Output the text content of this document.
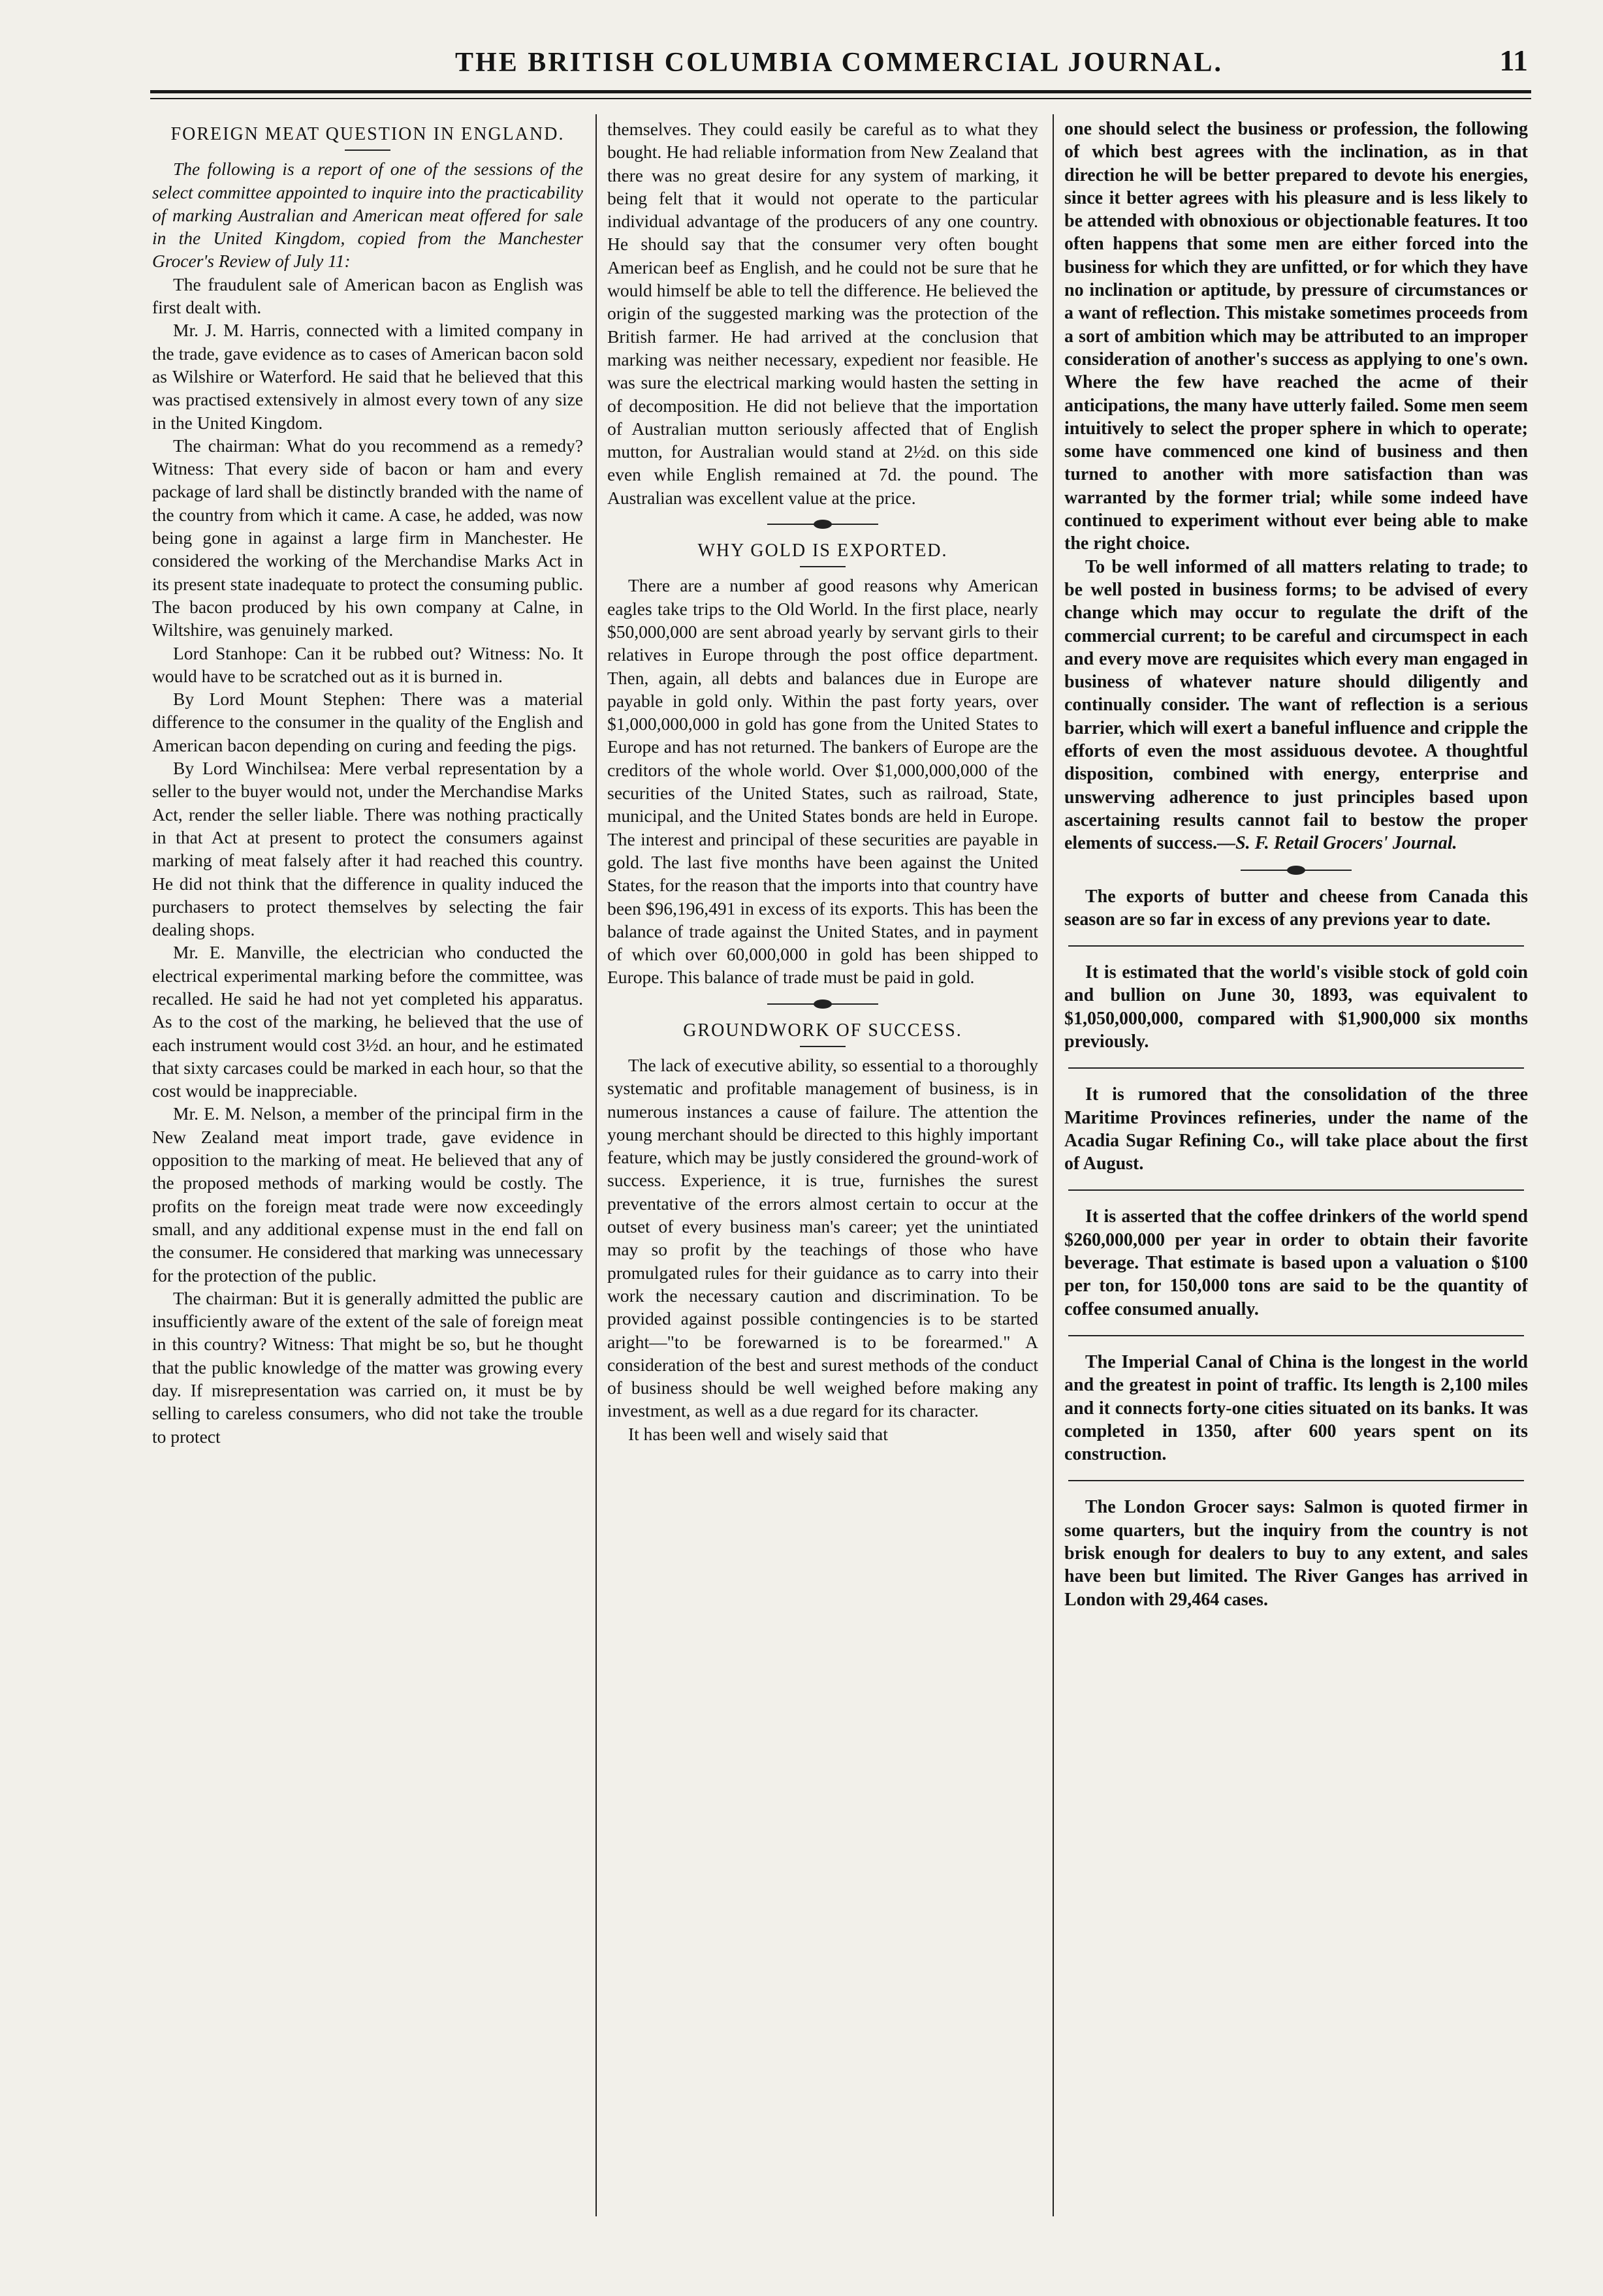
THE BRITISH COLUMBIA COMMERCIAL JOURNAL.	11
FOREIGN MEAT QUESTION IN ENGLAND.

The following is a report of one of the sessions of the select committee appointed to inquire into the practicability of marking Australian and American meat offered for sale in the United Kingdom, copied from the Manchester Grocer's Review of July 11:

The fraudulent sale of American bacon as English was first dealt with.

Mr. J. M. Harris, connected with a limited company in the trade, gave evidence as to cases of American bacon sold as Wilshire or Waterford. He said that he believed that this was practised extensively in almost every town of any size in the United Kingdom.

The chairman: What do you recommend as a remedy? Witness: That every side of bacon or ham and every package of lard shall be distinctly branded with the name of the country from which it came. A case, he added, was now being gone in against a large firm in Manchester. He considered the working of the Merchandise Marks Act in its present state inadequate to protect the consuming public. The bacon produced by his own company at Calne, in Wiltshire, was genuinely marked.

Lord Stanhope: Can it be rubbed out? Witness: No. It would have to be scratched out as it is burned in.

By Lord Mount Stephen: There was a material difference to the consumer in the quality of the English and American bacon depending on curing and feeding the pigs.

By Lord Winchilsea: Mere verbal representation by a seller to the buyer would not, under the Merchandise Marks Act, render the seller liable. There was nothing practically in that Act at present to protect the consumers against marking of meat falsely after it had reached this country. He did not think that the difference in quality induced the purchasers to protect themselves by selecting the fair dealing shops.

Mr. E. Manville, the electrician who conducted the electrical experimental marking before the committee, was recalled. He said he had not yet completed his apparatus. As to the cost of the marking, he believed that the use of each instrument would cost 3½d. an hour, and he estimated that sixty carcases could be marked in each hour, so that the cost would be inappreciable.

Mr. E. M. Nelson, a member of the principal firm in the New Zealand meat import trade, gave evidence in opposition to the marking of meat. He believed that any of the proposed methods of marking would be costly. The profits on the foreign meat trade were now exceedingly small, and any additional expense must in the end fall on the consumer. He considered that marking was unnecessary for the protection of the public.

The chairman: But it is generally admitted the public are insufficiently aware of the extent of the sale of foreign meat in this country? Witness: That might be so, but he thought that the public knowledge of the matter was growing every day. If misrepresentation was carried on, it must be by selling to careless consumers, who did not take the trouble to protect

themselves. They could easily be careful as to what they bought. He had reliable information from New Zealand that there was no great desire for any system of marking, it being felt that it would not operate to the particular individual advantage of the producers of any one country. He should say that the consumer very often bought American beef as English, and he could not be sure that he would himself be able to tell the difference. He believed the origin of the suggested marking was the protection of the British farmer. He had arrived at the conclusion that marking was neither necessary, expedient nor feasible. He was sure the electrical marking would hasten the setting in of decomposition. He did not believe that the importation of Australian mutton seriously affected that of English mutton, for Australian would stand at 2½d. on this side even while English remained at 7d. the pound. The Australian was excellent value at the price.

WHY GOLD IS EXPORTED.

There are a number af good reasons why American eagles take trips to the Old World. In the first place, nearly $50,000,000 are sent abroad yearly by servant girls to their relatives in Europe through the post office department. Then, again, all debts and balances due in Europe are payable in gold only. Within the past forty years, over $1,000,000,000 in gold has gone from the United States to Europe and has not returned. The bankers of Europe are the creditors of the whole world. Over $1,000,000,000 of the securities of the United States, such as railroad, State, municipal, and the United States bonds are held in Europe. The interest and principal of these securities are payable in gold. The last five months have been against the United States, for the reason that the imports into that country have been $96,196,491 in excess of its exports. This has been the balance of trade against the United States, and in payment of which over 60,000,000 in gold has been shipped to Europe. This balance of trade must be paid in gold.

GROUNDWORK OF SUCCESS.

The lack of executive ability, so essential to a thoroughly systematic and profitable management of business, is in numerous instances a cause of failure. The attention the young merchant should be directed to this highly important feature, which may be justly considered the ground-work of success. Experience, it is true, furnishes the surest preventative of the errors almost certain to occur at the outset of every business man's career; yet the unintiated may so profit by the teachings of those who have promulgated rules for their guidance as to carry into their work the necessary caution and discrimination. To be provided against possible contingencies is to be started aright—"to be forewarned is to be forearmed." A consideration of the best and surest methods of the conduct of business should be well weighed before making any investment, as well as a due regard for its character.

It has been well and wisely said that

one should select the business or profession, the following of which best agrees with the inclination, as in that direction he will be better prepared to devote his energies, since it better agrees with his pleasure and is less likely to be attended with obnoxious or objectionable features. It too often happens that some men are either forced into the business for which they are unfitted, or for which they have no inclination or aptitude, by pressure of circumstances or a want of reflection. This mistake sometimes proceeds from a sort of ambition which may be attributed to an improper consideration of another's success as applying to one's own. Where the few have reached the acme of their anticipations, the many have utterly failed. Some men seem intuitively to select the proper sphere in which to operate; some have commenced one kind of business and then turned to another with more satisfaction than was warranted by the former trial; while some indeed have continued to experiment without ever being able to make the right choice.

To be well informed of all matters relating to trade; to be well posted in business forms; to be advised of every change which may occur to regulate the drift of the commercial current; to be careful and circumspect in each and every move are requisites which every man engaged in business of whatever nature should diligently and continually consider. The want of reflection is a serious barrier, which will exert a baneful influence and cripple the efforts of even the most assiduous devotee. A thoughtful disposition, combined with energy, enterprise and unswerving adherence to just principles based upon ascertaining results cannot fail to bestow the proper elements of success.—S. F. Retail Grocers' Journal.

The exports of butter and cheese from Canada this season are so far in excess of any previons year to date.

It is estimated that the world's visible stock of gold coin and bullion on June 30, 1893, was equivalent to $1,050,000,000, compared with $1,900,000 six months previously.

It is rumored that the consolidation of the three Maritime Provinces refineries, under the name of the Acadia Sugar Refining Co., will take place about the first of August.

It is asserted that the coffee drinkers of the world spend $260,000,000 per year in order to obtain their favorite beverage. That estimate is based upon a valuation o $100 per ton, for 150,000 tons are said to be the quantity of coffee consumed anually.

The Imperial Canal of China is the longest in the world and the greatest in point of traffic. Its length is 2,100 miles and it connects forty-one cities situated on its banks. It was completed in 1350, after 600 years spent on its construction.

The London Grocer says: Salmon is quoted firmer in some quarters, but the inquiry from the country is not brisk enough for dealers to buy to any extent, and sales have been but limited. The River Ganges has arrived in London with 29,464 cases.
